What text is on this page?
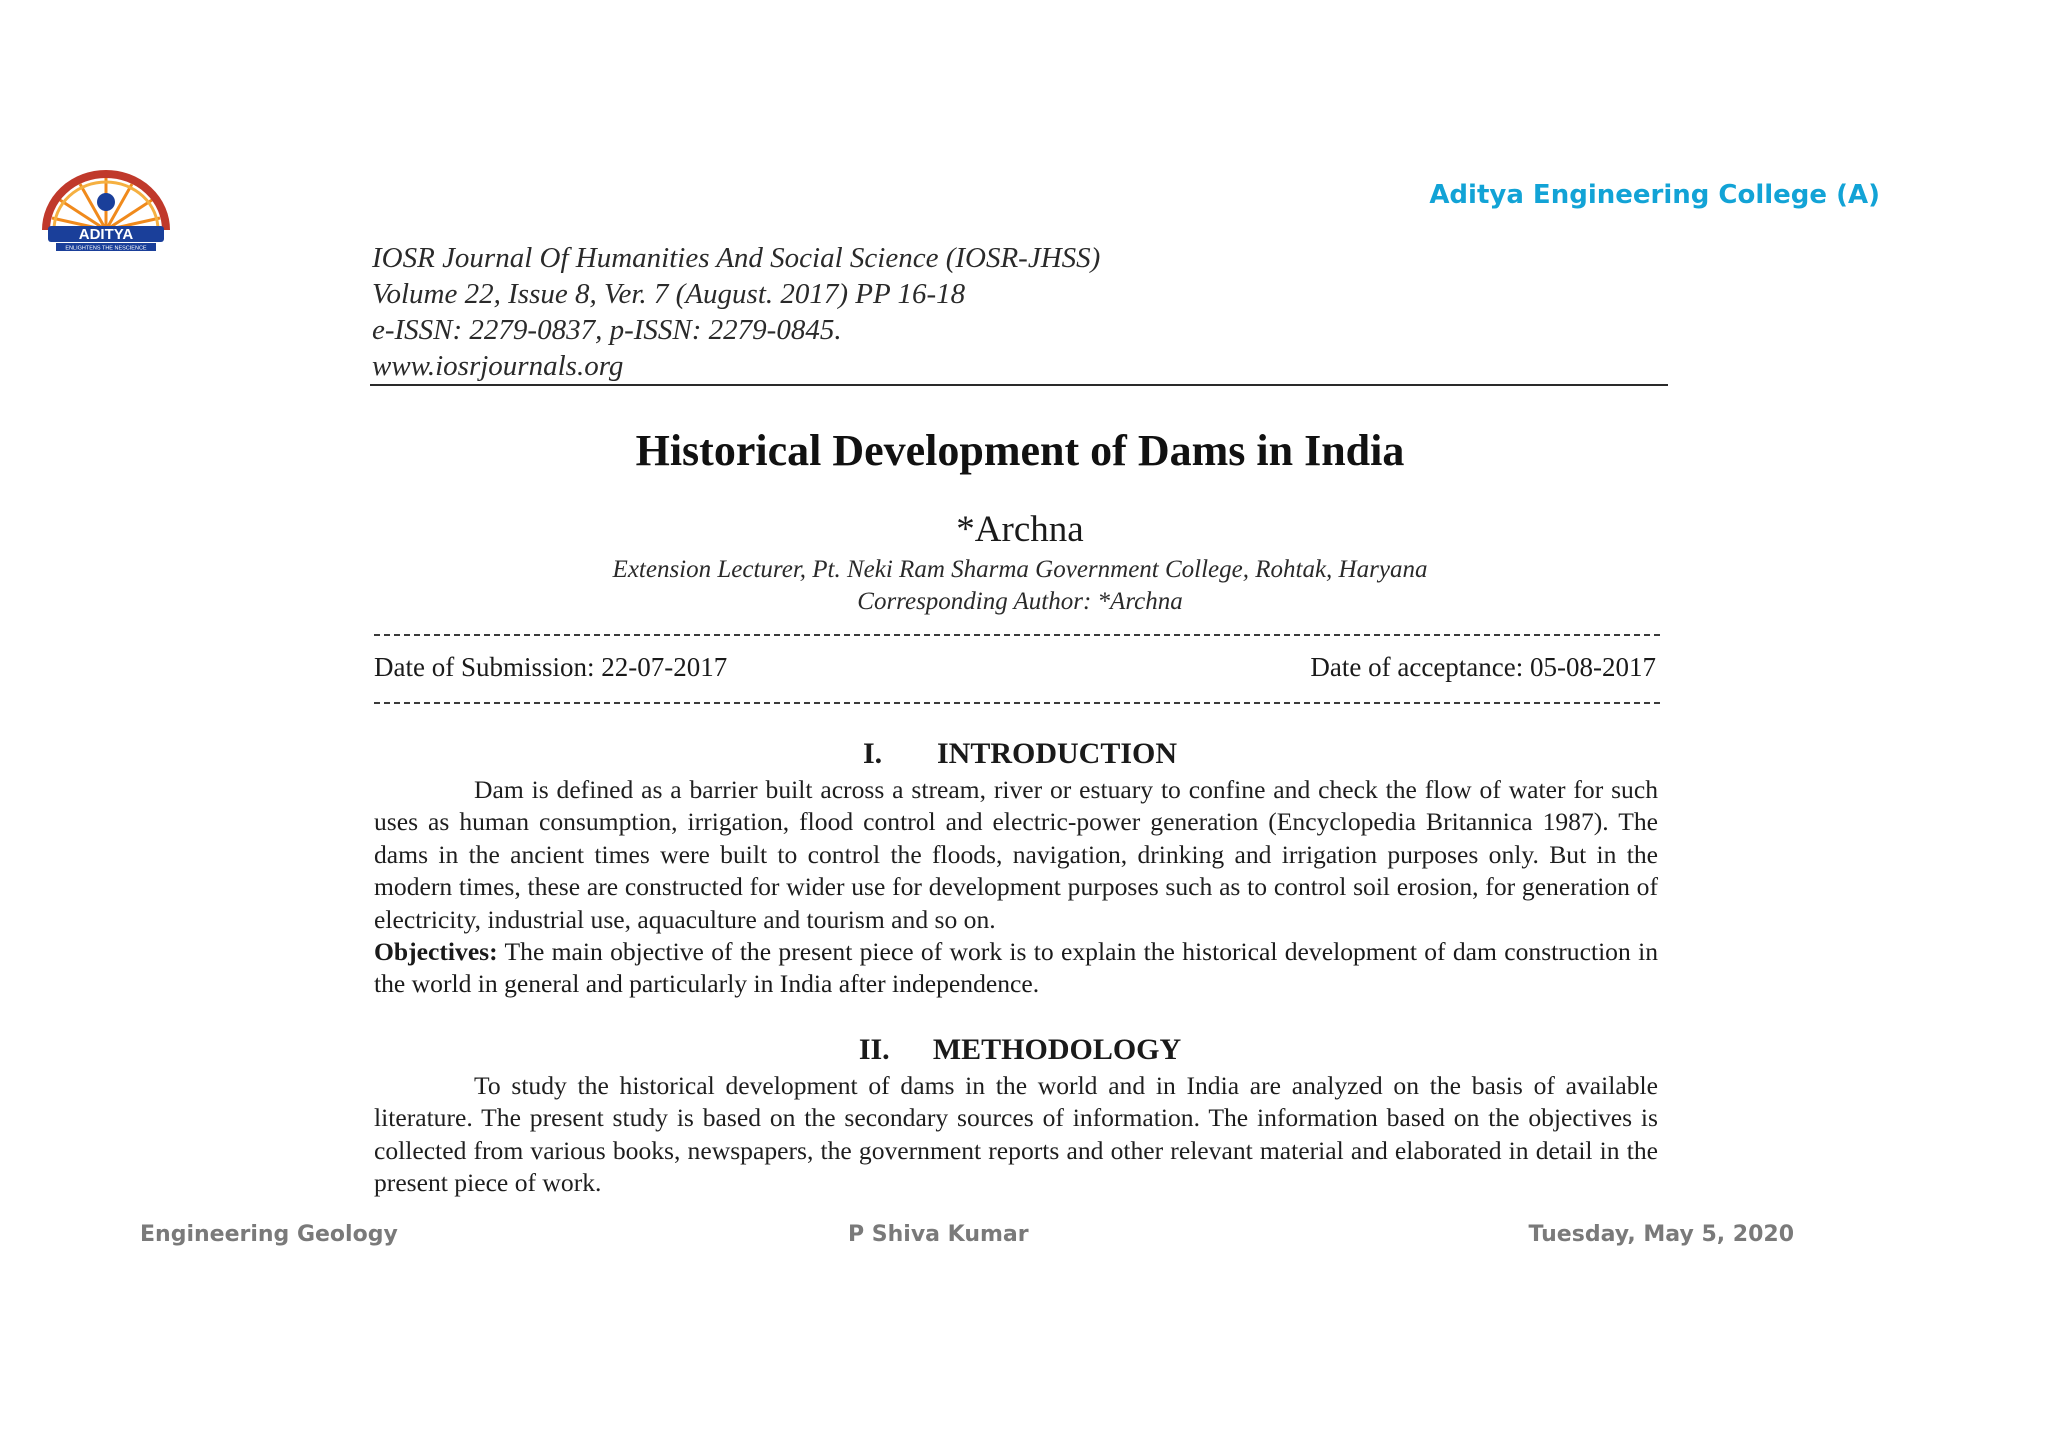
ADITYA
ENLIGHTENS THE NESCIENCE
Aditya Engineering College (A)

IOSR Journal Of Humanities And Social Science (IOSR-JHSS)

Volume 22, Issue 8, Ver. 7 (August. 2017) PP 16-18

e-ISSN: 2279-0837, p-ISSN: 2279-0845.

www.iosrjournals.org

Historical Development of Dams in India
*Archna
Extension Lecturer, Pt. Neki Ram Sharma Government College, Rohtak, Haryana
Corresponding Author: *Archna
Date of Submission: 22-07-2017	Date of acceptance: 05-08-2017
I. INTRODUCTION
Dam is defined as a barrier built across a stream, river or estuary to confine and check the flow of water for such uses as human consumption, irrigation, flood control and electric-power generation (Encyclopedia Britannica 1987). The dams in the ancient times were built to control the floods, navigation, drinking and irrigation purposes only. But in the modern times, these are constructed for wider use for development purposes such as to control soil erosion, for generation of electricity, industrial use, aquaculture and tourism and so on.
Objectives: The main objective of the present piece of work is to explain the historical development of dam construction in the world in general and particularly in India after independence.
II. METHODOLOGY
To study the historical development of dams in the world and in India are analyzed on the basis of available literature. The present study is based on the secondary sources of information. The information based on the objectives is collected from various books, newspapers, the government reports and other relevant material and elaborated in detail in the present piece of work.
Engineering Geology	P Shiva Kumar	Tuesday, May 5, 2020
